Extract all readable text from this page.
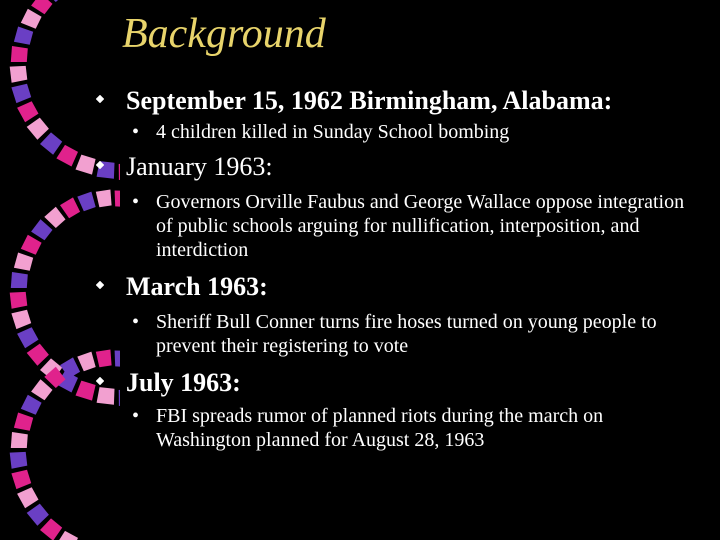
Background
September 15, 1962 Birmingham, Alabama:
• 4 children killed in Sunday School bombing
January 1963:
• Governors Orville Faubus and George Wallace oppose integration of public schools arguing for nullification, interposition, and interdiction
March 1963:
• Sheriff Bull Conner turns fire hoses turned on young people to prevent their registering to vote
July 1963:
• FBI spreads rumor of planned riots during the march on Washington planned for August 28, 1963
